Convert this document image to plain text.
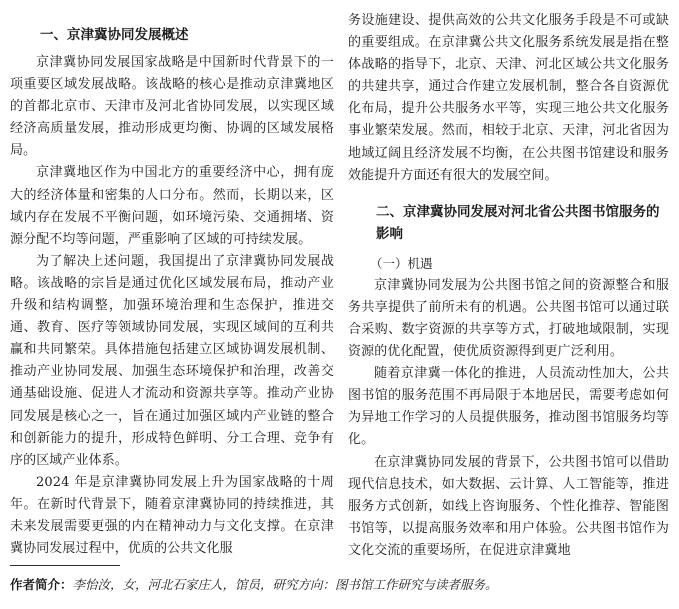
一、京津冀协同发展概述

京津冀协同发展国家战略是中国新时代背景下的一项重要区域发展战略。该战略的核心是推动京津冀地区的首都北京市、天津市及河北省协同发展，以实现区域经济高质量发展，推动形成更均衡、协调的区域发展格局。

京津冀地区作为中国北方的重要经济中心，拥有庞大的经济体量和密集的人口分布。然而，长期以来，区域内存在发展不平衡问题，如环境污染、交通拥堵、资源分配不均等问题，严重影响了区域的可持续发展。

为了解决上述问题，我国提出了京津冀协同发展战略。该战略的宗旨是通过优化区域发展布局，推动产业升级和结构调整，加强环境治理和生态保护，推进交通、教育、医疗等领域协同发展，实现区域间的互利共赢和共同繁荣。具体措施包括建立区域协调发展机制、推动产业协同发展、加强生态环境保护和治理，改善交通基础设施、促进人才流动和资源共享等。推动产业协同发展是核心之一，旨在通过加强区域内产业链的整合和创新能力的提升，形成特色鲜明、分工合理、竞争有序的区域产业体系。

2024 年是京津冀协同发展上升为国家战略的十周年。在新时代背景下，随着京津冀协同的持续推进，其未来发展需要更强的内在精神动力与文化支撑。在京津冀协同发展过程中，优质的公共文化服

务设施建设、提供高效的公共文化服务手段是不可或缺的重要组成。在京津冀公共文化服务系统发展是指在整体战略的指导下，北京、天津、河北区域公共文化服务的共建共享，通过合作建立发展机制，整合各自资源优化布局，提升公共服务水平等，实现三地公共文化服务事业繁荣发展。然而，相较于北京、天津，河北省因为地域辽阔且经济发展不均衡，在公共图书馆建设和服务效能提升方面还有很大的发展空间。

二、京津冀协同发展对河北省公共图书馆服务的影响
（一）机遇

京津冀协同发展为公共图书馆之间的资源整合和服务共享提供了前所未有的机遇。公共图书馆可以通过联合采购、数字资源的共享等方式，打破地域限制，实现资源的优化配置，使优质资源得到更广泛利用。

随着京津冀一体化的推进，人员流动性加大，公共图书馆的服务范围不再局限于本地居民，需要考虑如何为异地工作学习的人员提供服务，推动图书馆服务均等化。

在京津冀协同发展的背景下，公共图书馆可以借助现代信息技术，如大数据、云计算、人工智能等，推进服务方式创新，如线上咨询服务、个性化推荐、智能图书馆等，以提高服务效率和用户体验。公共图书馆作为文化交流的重要场所，在促进京津冀地

作者简介：李怡汝，女，河北石家庄人，馆员，研究方向：图书馆工作研究与读者服务。
